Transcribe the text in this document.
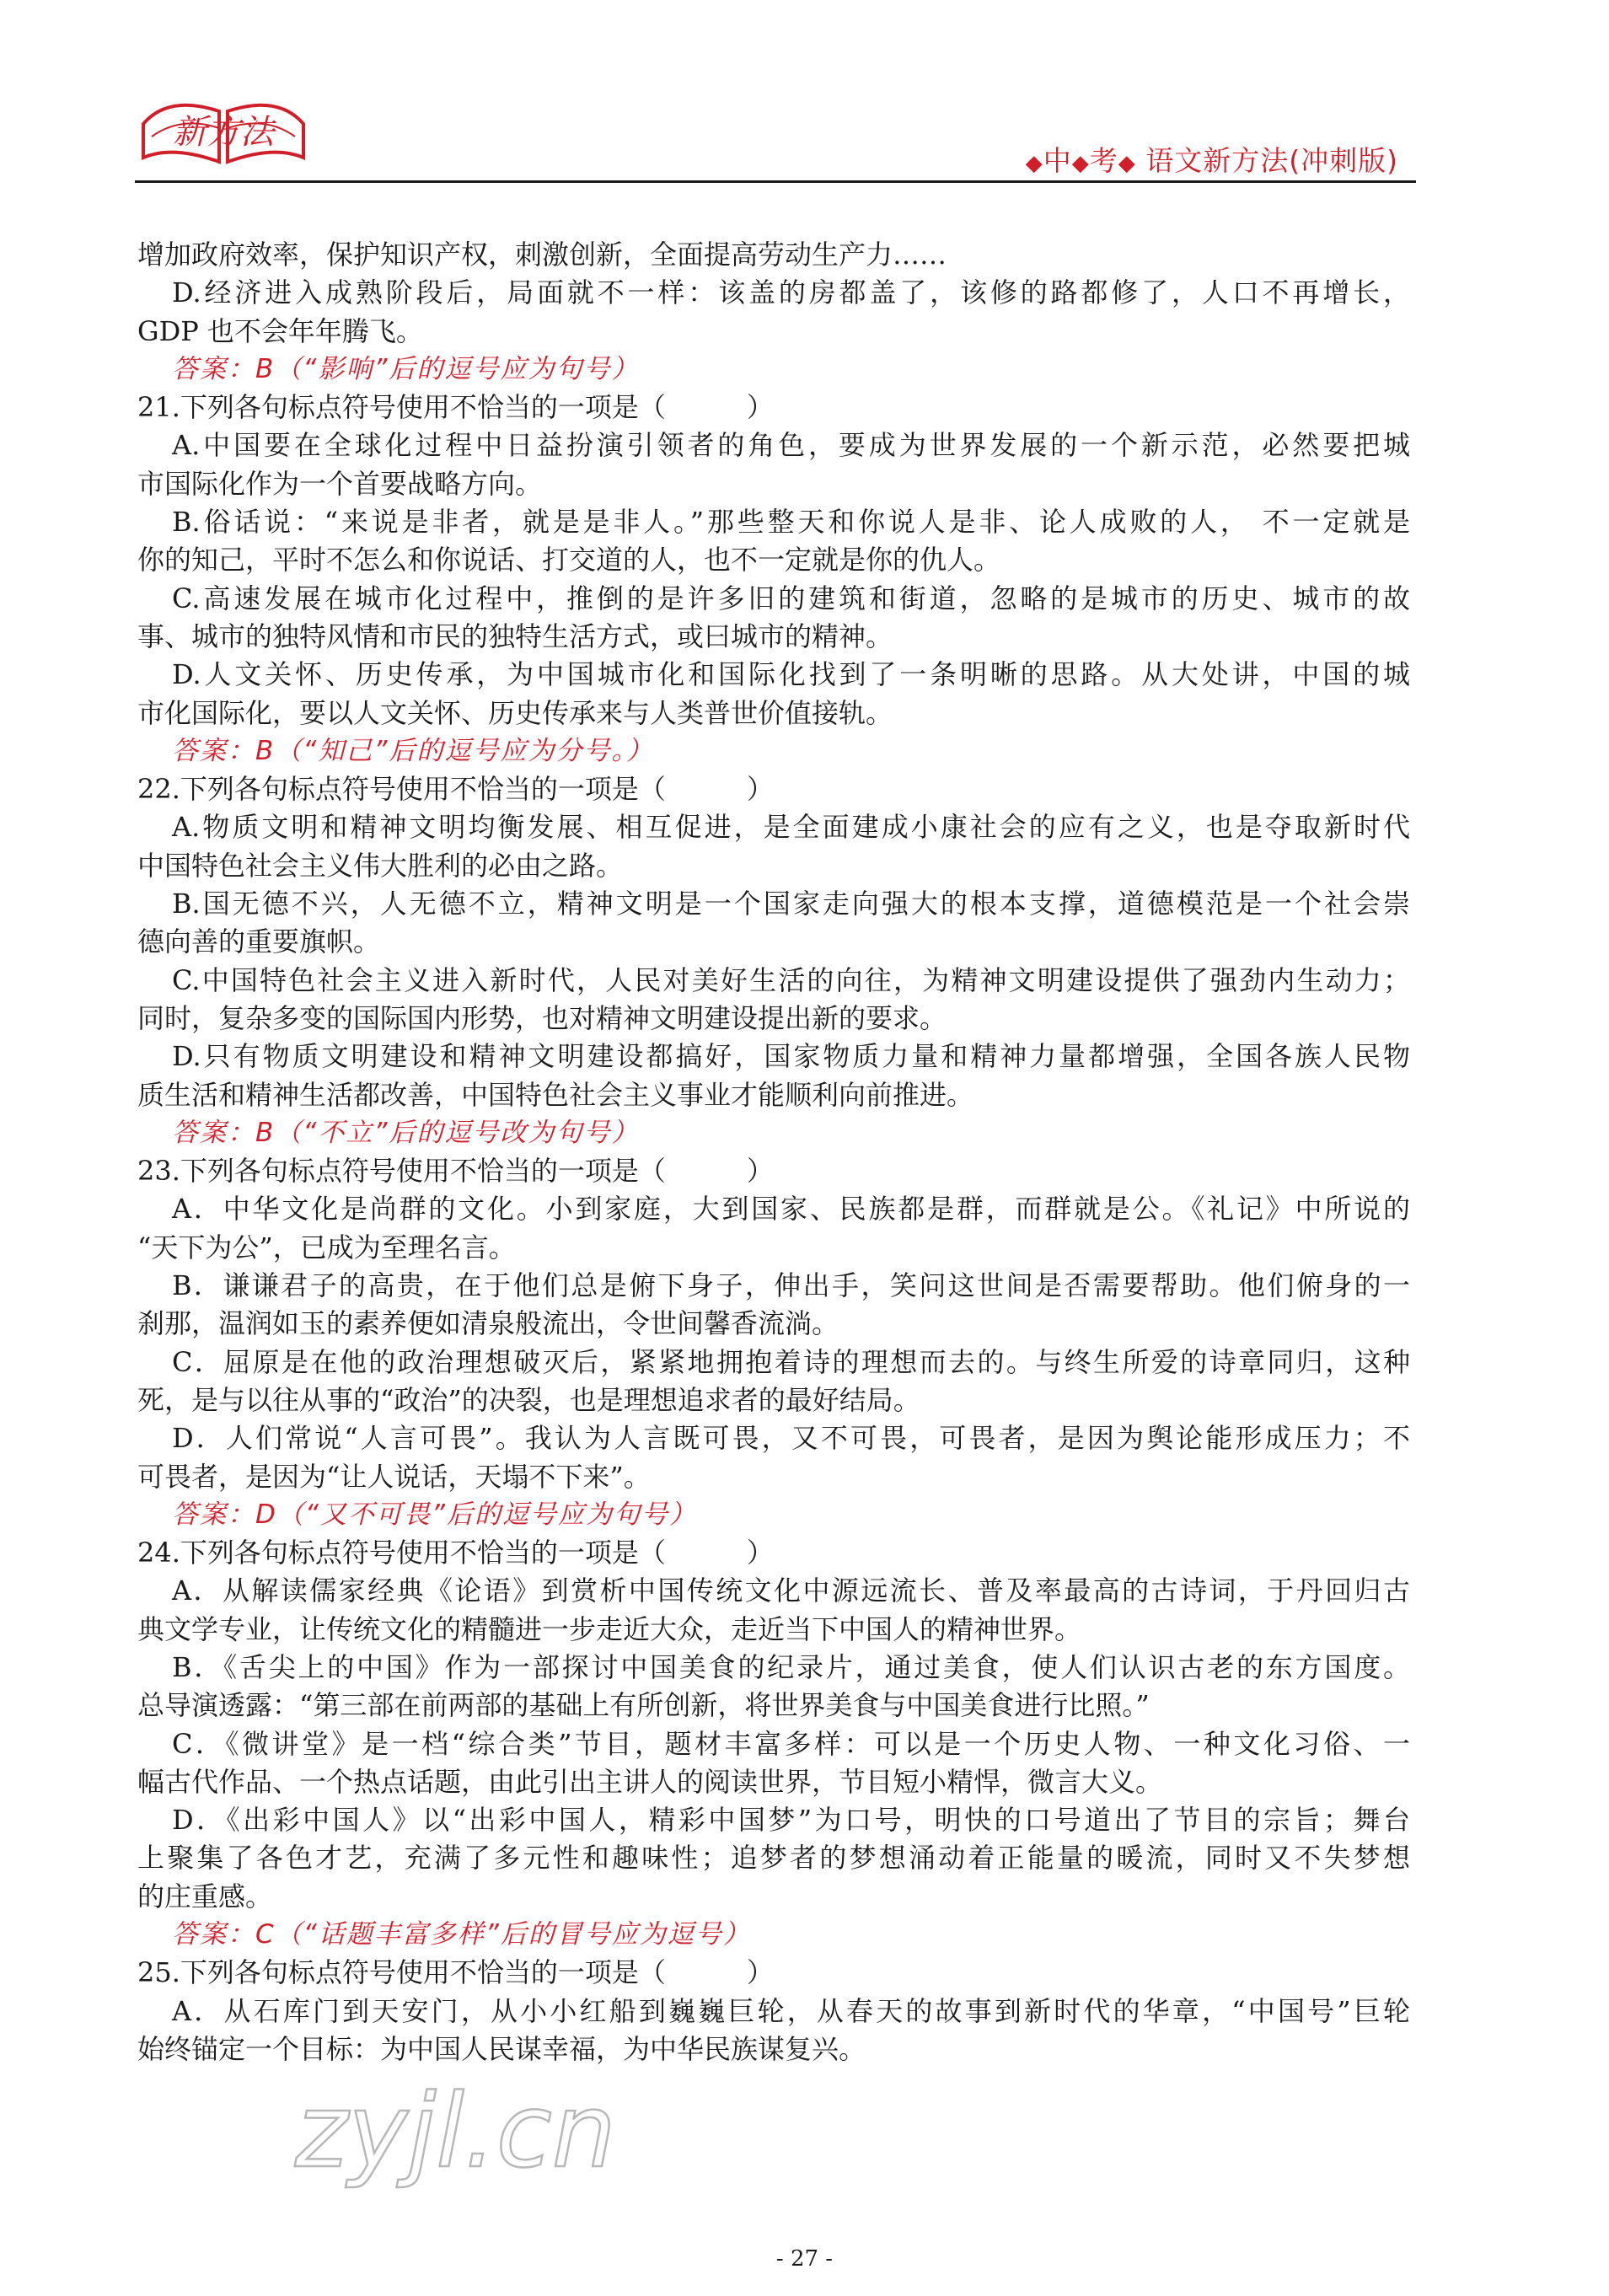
新方法
◆中◆考◆ 语文新方法(冲刺版)

增加政府效率，保护知识产权，刺激创新，全面提高劳动生产力……

D.经济进入成熟阶段后，局面就不一样：该盖的房都盖了，该修的路都修了，人口不再增长，

GDP 也不会年年腾飞。

答案：B（“影响”后的逗号应为句号）

21.下列各句标点符号使用不恰当的一项是（　　　）

A.中国要在全球化过程中日益扮演引领者的角色，要成为世界发展的一个新示范，必然要把城

市国际化作为一个首要战略方向。

B.俗话说：“来说是非者，就是是非人。”那些整天和你说人是非、论人成败的人， 不一定就是

你的知己，平时不怎么和你说话、打交道的人，也不一定就是你的仇人。

C.高速发展在城市化过程中，推倒的是许多旧的建筑和街道，忽略的是城市的历史、城市的故

事、城市的独特风情和市民的独特生活方式，或曰城市的精神。

D.人文关怀、历史传承，为中国城市化和国际化找到了一条明晰的思路。从大处讲，中国的城

市化国际化，要以人文关怀、历史传承来与人类普世价值接轨。

答案：B（“知己”后的逗号应为分号。）

22.下列各句标点符号使用不恰当的一项是（　　　）

A.物质文明和精神文明均衡发展、相互促进，是全面建成小康社会的应有之义，也是夺取新时代

中国特色社会主义伟大胜利的必由之路。

B.国无德不兴，人无德不立，精神文明是一个国家走向强大的根本支撑，道德模范是一个社会崇

德向善的重要旗帜。

C.中国特色社会主义进入新时代，人民对美好生活的向往，为精神文明建设提供了强劲内生动力；

同时，复杂多变的国际国内形势，也对精神文明建设提出新的要求。

D.只有物质文明建设和精神文明建设都搞好，国家物质力量和精神力量都增强，全国各族人民物

质生活和精神生活都改善，中国特色社会主义事业才能顺利向前推进。

答案：B（“不立”后的逗号改为句号）

23.下列各句标点符号使用不恰当的一项是（　　　）

A．中华文化是尚群的文化。小到家庭，大到国家、民族都是群，而群就是公。《礼记》中所说的

“天下为公”，已成为至理名言。

B．谦谦君子的高贵，在于他们总是俯下身子，伸出手，笑问这世间是否需要帮助。他们俯身的一

刹那，温润如玉的素养便如清泉般流出，令世间馨香流淌。

C．屈原是在他的政治理想破灭后，紧紧地拥抱着诗的理想而去的。与终生所爱的诗章同归，这种

死，是与以往从事的“政治”的决裂，也是理想追求者的最好结局。

D．人们常说“人言可畏”。我认为人言既可畏，又不可畏，可畏者，是因为舆论能形成压力；不

可畏者，是因为“让人说话，天塌不下来”。

答案：D（“又不可畏”后的逗号应为句号）

24.下列各句标点符号使用不恰当的一项是（　　　）

A．从解读儒家经典《论语》到赏析中国传统文化中源远流长、普及率最高的古诗词，于丹回归古

典文学专业，让传统文化的精髓进一步走近大众，走近当下中国人的精神世界。

B．《舌尖上的中国》作为一部探讨中国美食的纪录片，通过美食，使人们认识古老的东方国度。

总导演透露：“第三部在前两部的基础上有所创新，将世界美食与中国美食进行比照。”

C．《微讲堂》是一档“综合类”节目，题材丰富多样：可以是一个历史人物、一种文化习俗、一

幅古代作品、一个热点话题，由此引出主讲人的阅读世界，节目短小精悍，微言大义。

D．《出彩中国人》以“出彩中国人，精彩中国梦”为口号，明快的口号道出了节目的宗旨；舞台

上聚集了各色才艺，充满了多元性和趣味性；追梦者的梦想涌动着正能量的暖流，同时又不失梦想

的庄重感。

答案：C（“话题丰富多样”后的冒号应为逗号）

25.下列各句标点符号使用不恰当的一项是（　　　）

A．从石库门到天安门，从小小红船到巍巍巨轮，从春天的故事到新时代的华章，“中国号”巨轮

始终锚定一个目标：为中国人民谋幸福，为中华民族谋复兴。

zyjl.cn
- 27 -
